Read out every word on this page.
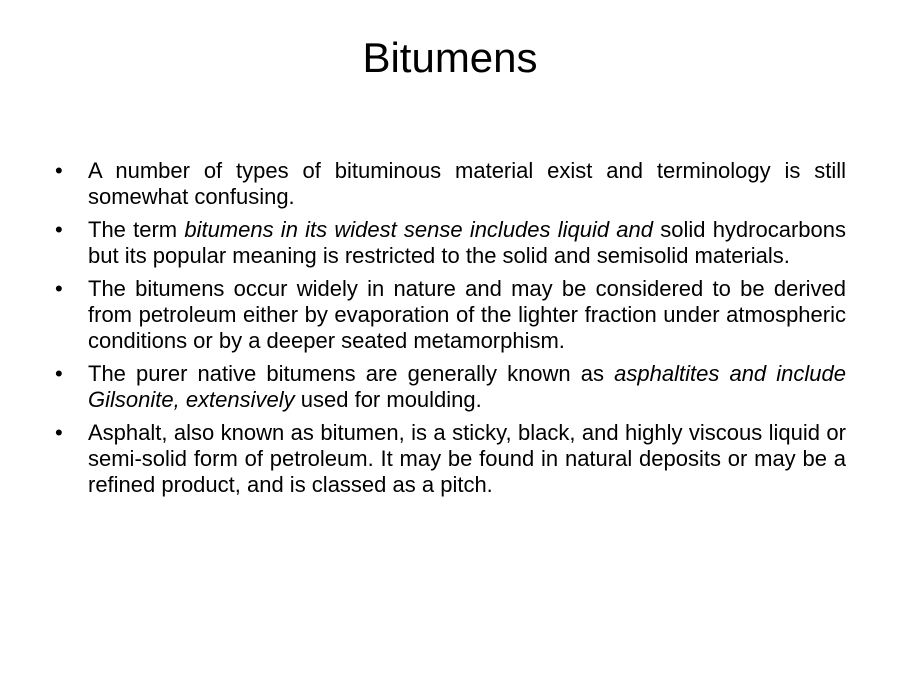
Bitumens
• A number of types of bituminous material exist and terminology is still somewhat confusing.
• The term bitumens in its widest sense includes liquid and solid hydrocarbons but its popular meaning is restricted to the solid and semisolid materials.
• The bitumens occur widely in nature and may be considered to be derived from petroleum either by evaporation of the lighter fraction under atmospheric conditions or by a deeper seated metamorphism.
• The purer native bitumens are generally known as asphaltites and include Gilsonite, extensively used for moulding.
• Asphalt, also known as bitumen, is a sticky, black, and highly viscous liquid or semi-solid form of petroleum. It may be found in natural deposits or may be a refined product, and is classed as a pitch.
